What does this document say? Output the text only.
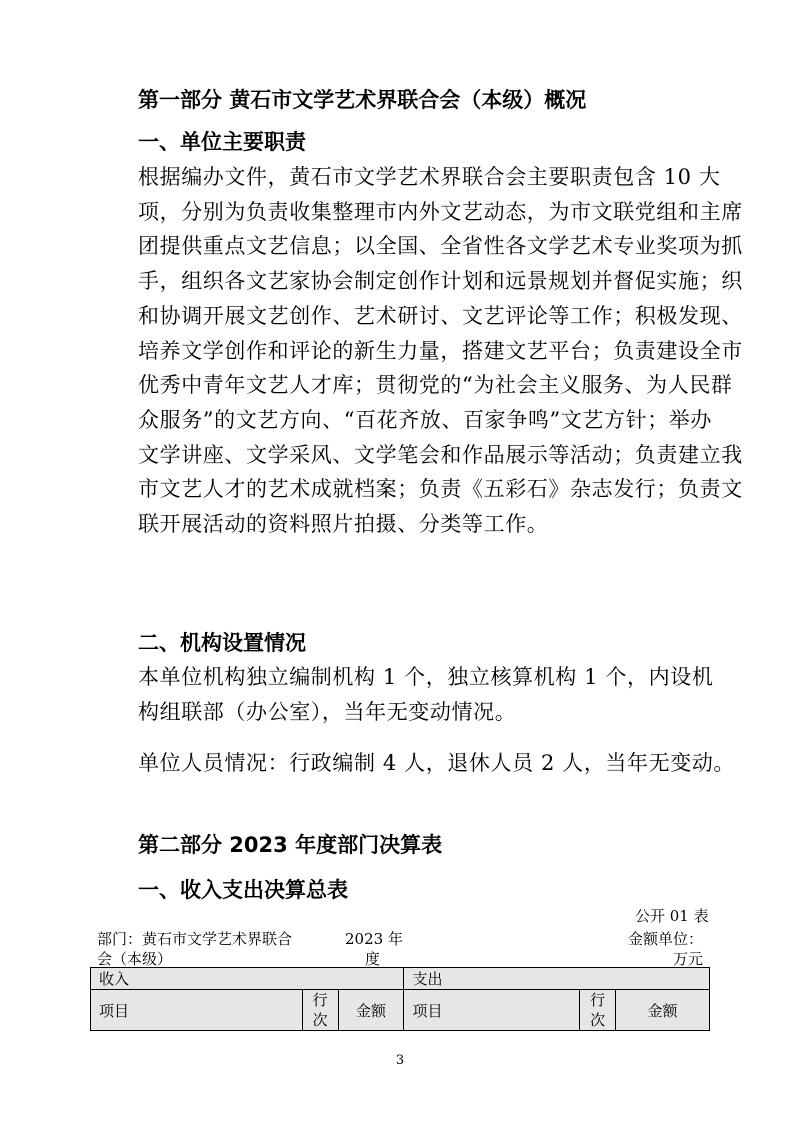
第一部分 黄石市文学艺术界联合会（本级）概况
一、单位主要职责
根据编办文件，黄石市文学艺术界联合会主要职责包含 10 大
项，分别为负责收集整理市内外文艺动态，为市文联党组和主席
团提供重点文艺信息；以全国、全省性各文学艺术专业奖项为抓
手，组织各文艺家协会制定创作计划和远景规划并督促实施；织
和协调开展文艺创作、艺术研讨、文艺评论等工作；积极发现、
培养文学创作和评论的新生力量，搭建文艺平台；负责建设全市
优秀中青年文艺人才库；贯彻党的“为社会主义服务、为人民群
众服务”的文艺方向、“百花齐放、百家争鸣”文艺方针；举办
文学讲座、文学采风、文学笔会和作品展示等活动；负责建立我
市文艺人才的艺术成就档案；负责《五彩石》杂志发行；负责文
联开展活动的资料照片拍摄、分类等工作。
二、机构设置情况
本单位机构独立编制机构 1 个，独立核算机构 1 个，内设机
构组联部（办公室），当年无变动情况。
单位人员情况：行政编制 4 人，退休人员 2 人，当年无变动。
第二部分 2023 年度部门决算表
一、收入支出决算总表
公开 01 表
部门：黄石市文学艺术界联合
会（本级）
2023 年
度
金额单位：
万元
收入			支出		
项目	行次	金额	项目	行次	金额
3
